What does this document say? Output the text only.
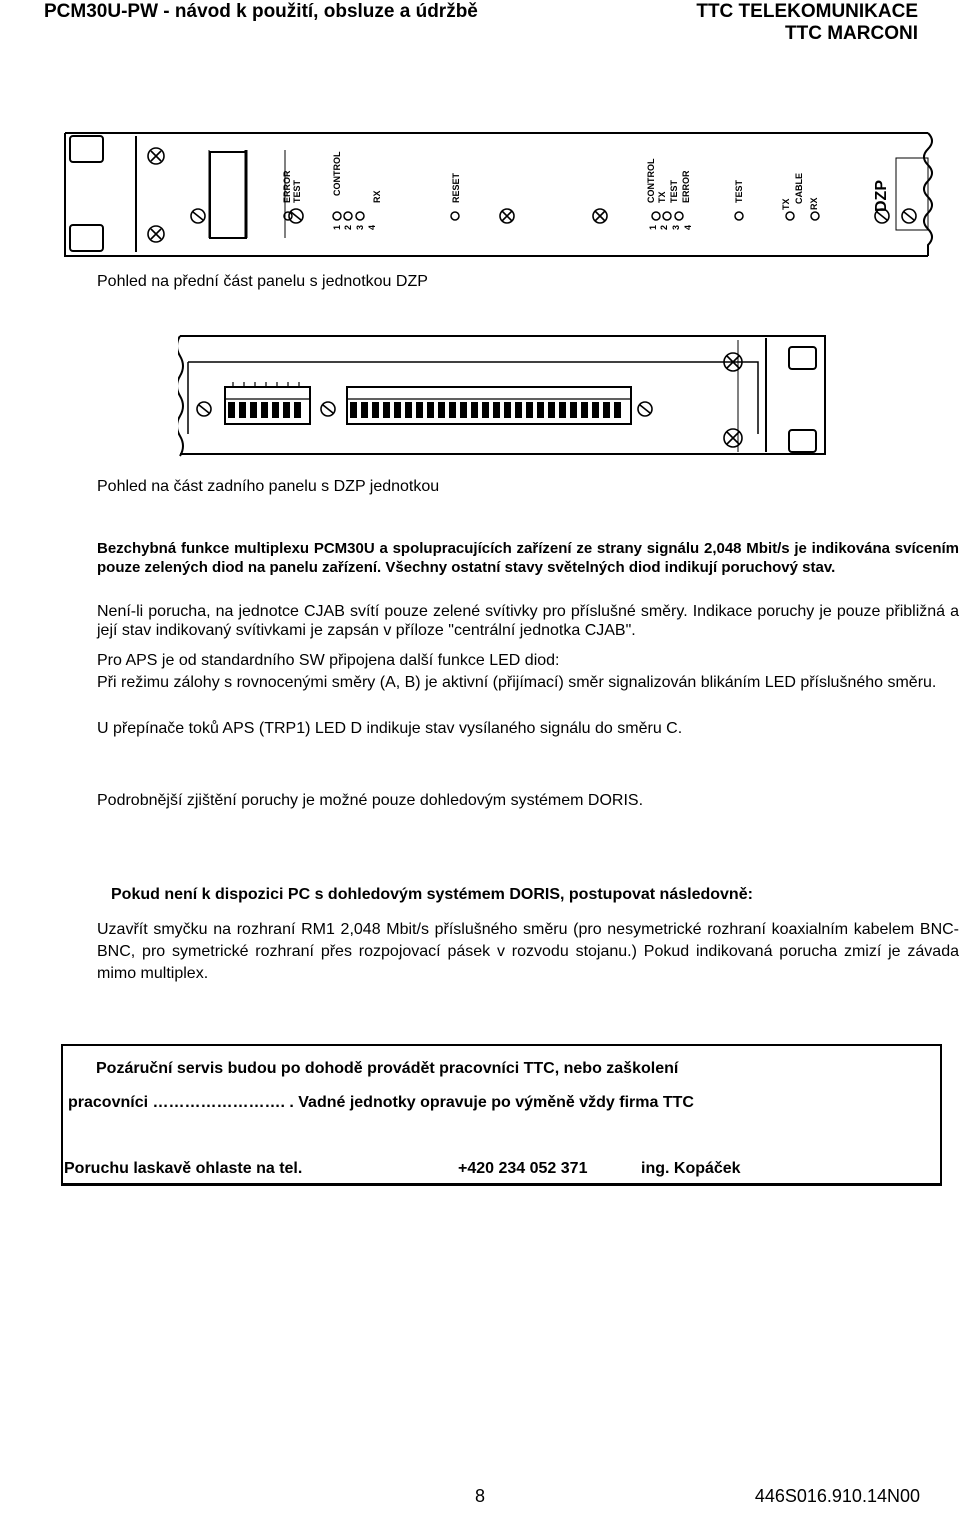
PCM30U-PW - návod k použití, obsluze a údržbě	TTC TELEKOMUNIKACE
TTC MARCONI
ERROR TEST	CONTROL
RX	RESET	CONTROL TX TEST ERROR	TEST
TX
CABLE RX	DZP
1 2 3 4	1 2 3 4
Pohled na přední část panelu s jednotkou DZP
Pohled na část zadního panelu s DZP jednotkou
Bezchybná funkce multiplexu PCM30U a spolupracujících zařízení ze strany signálu 2,048 Mbit/s je indikována svícením pouze zelených diod na panelu zařízení. Všechny ostatní stavy světelných diod indikují poruchový stav.
Není-li porucha, na jednotce CJAB svítí pouze zelené svítivky pro příslušné směry. Indikace poruchy je pouze přibližná a její stav indikovaný svítivkami je zapsán v příloze "centrální jednotka CJAB".
Pro APS je od standardního SW připojena další funkce LED diod:
Při režimu zálohy s rovnocenými směry (A, B) je aktivní (přijímací) směr signalizován blikáním LED příslušného směru.
U přepínače toků APS (TRP1) LED D indikuje stav vysílaného signálu do směru C.
Podrobnější zjištění poruchy je možné pouze dohledovým systémem DORIS.
Pokud není k dispozici PC s dohledovým systémem DORIS, postupovat následovně:
Uzavřít smyčku na rozhraní RM1 2,048 Mbit/s příslušného směru (pro nesymetrické rozhraní koaxialním kabelem BNC-BNC, pro symetrické rozhraní přes rozpojovací pásek v rozvodu stojanu.) Pokud indikovaná porucha zmizí je závada mimo multiplex.
Pozáruční servis budou po dohodě provádět pracovníci TTC, nebo zaškolení
pracovníci ……………………. . Vadné jednotky opravuje po výměně vždy firma TTC
Poruchu laskavě ohlaste na tel.	+420 234 052 371	ing. Kopáček
8	446S016.910.14N00
